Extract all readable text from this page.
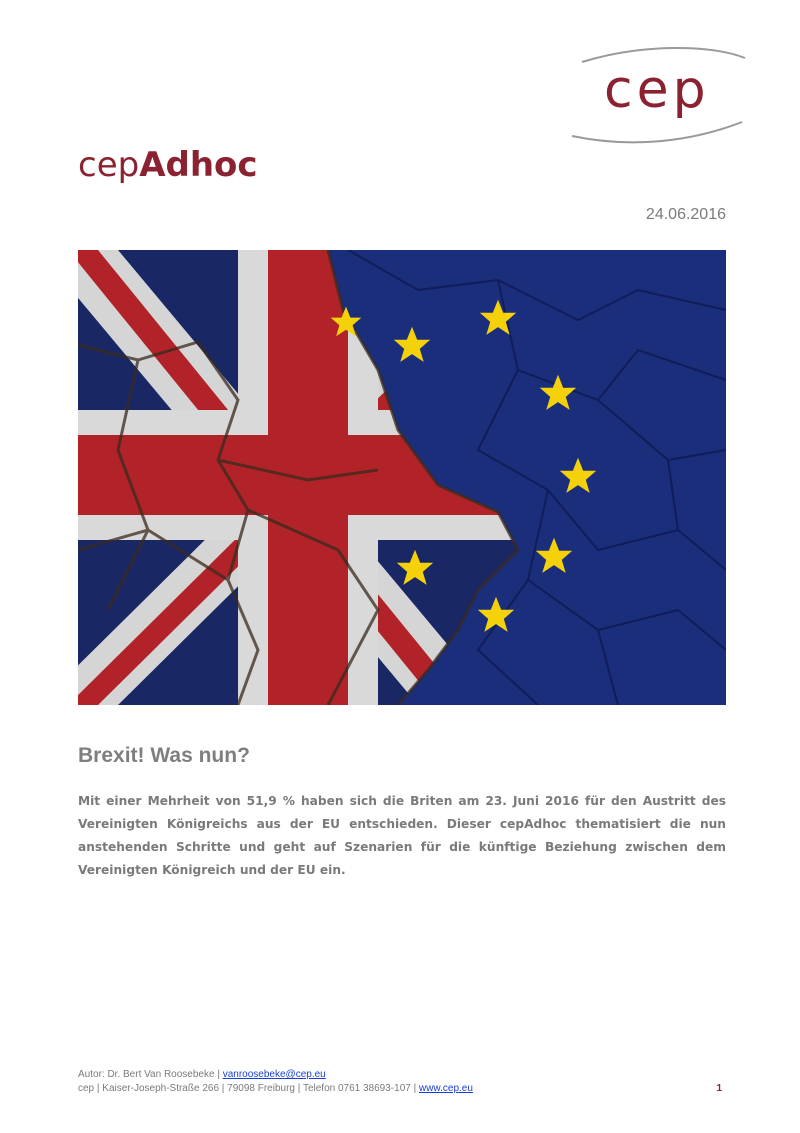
cep
cepAdhoc
24.06.2016
Brexit! Was nun?

Mit einer Mehrheit von 51,9 % haben sich die Briten am 23. Juni 2016 für den Austritt des Vereinigten Königreichs aus der EU entschieden. Dieser cepAdhoc thematisiert die nun anstehenden Schritte und geht auf Szenarien für die künftige Beziehung zwischen dem Vereinigten Königreich und der EU ein.

Autor: Dr. Bert Van Roosebeke | vanroosebeke@cep.eu
cep | Kaiser-Joseph-Straße 266 | 79098 Freiburg | Telefon 0761 38693-107 | www.cep.eu	1
